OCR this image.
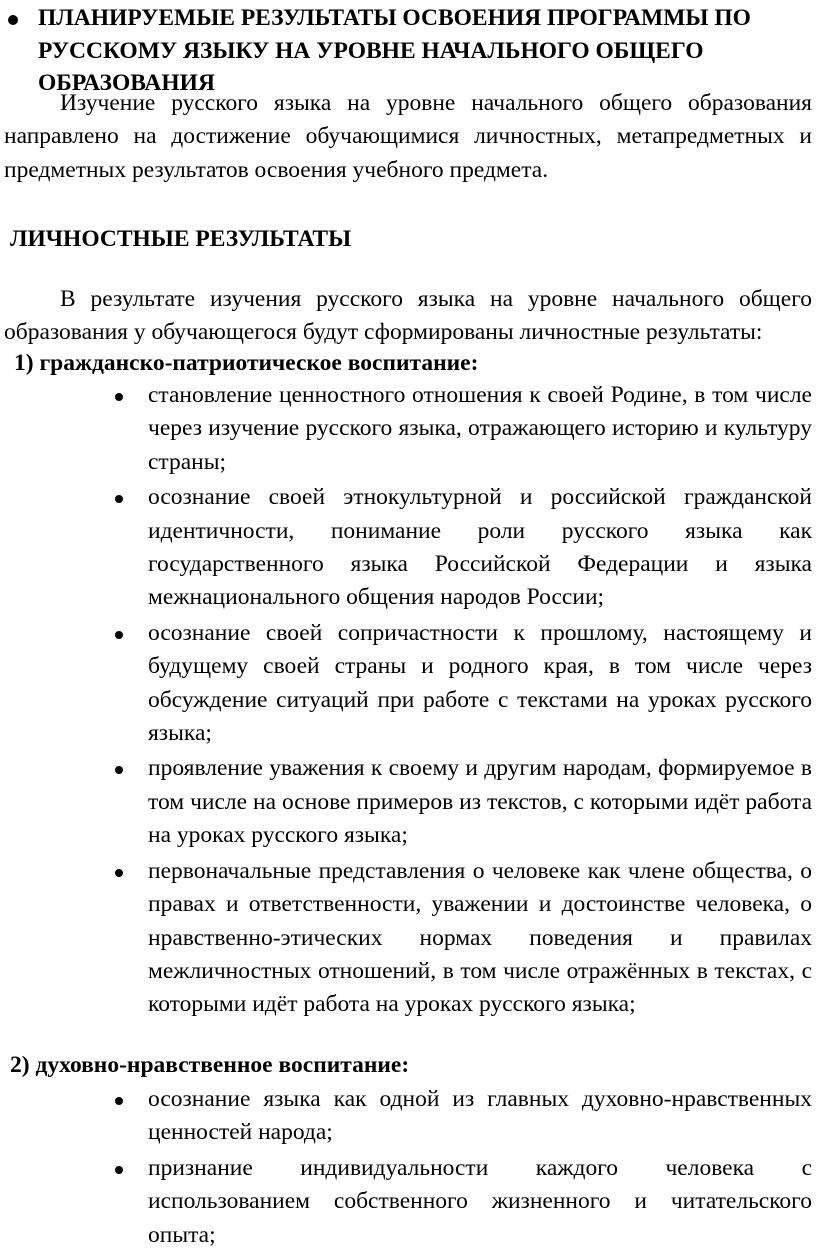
ПЛАНИРУЕМЫЕ РЕЗУЛЬТАТЫ ОСВОЕНИЯ ПРОГРАММЫ ПО РУССКОМУ ЯЗЫКУ НА УРОВНЕ НАЧАЛЬНОГО ОБЩЕГО ОБРАЗОВАНИЯ

Изучение русского языка на уровне начального общего образования направлено на достижение обучающимися личностных, метапредметных и предметных результатов освоения учебного предмета.

ЛИЧНОСТНЫЕ РЕЗУЛЬТАТЫ

В результате изучения русского языка на уровне начального общего образования у обучающегося будут сформированы личностные результаты:

1) гражданско-патриотическое воспитание:
становление ценностного отношения к своей Родине, в том числе через изучение русского языка, отражающего историю и культуру страны;
осознание своей этнокультурной и российской гражданской идентичности, понимание роли русского языка как государственного языка Российской Федерации и языка межнационального общения народов России;
осознание своей сопричастности к прошлому, настоящему и будущему своей страны и родного края, в том числе через обсуждение ситуаций при работе с текстами на уроках русского языка;
проявление уважения к своему и другим народам, формируемое в том числе на основе примеров из текстов, с которыми идёт работа на уроках русского языка;
первоначальные представления о человеке как члене общества, о правах и ответственности, уважении и достоинстве человека, о нравственно-этических нормах поведения и правилах межличностных отношений, в том числе отражённых в текстах, с которыми идёт работа на уроках русского языка;
2) духовно-нравственное воспитание:
осознание языка как одной из главных духовно-нравственных ценностей народа;
признание индивидуальности каждого человека с использованием собственного жизненного и читательского опыта;
